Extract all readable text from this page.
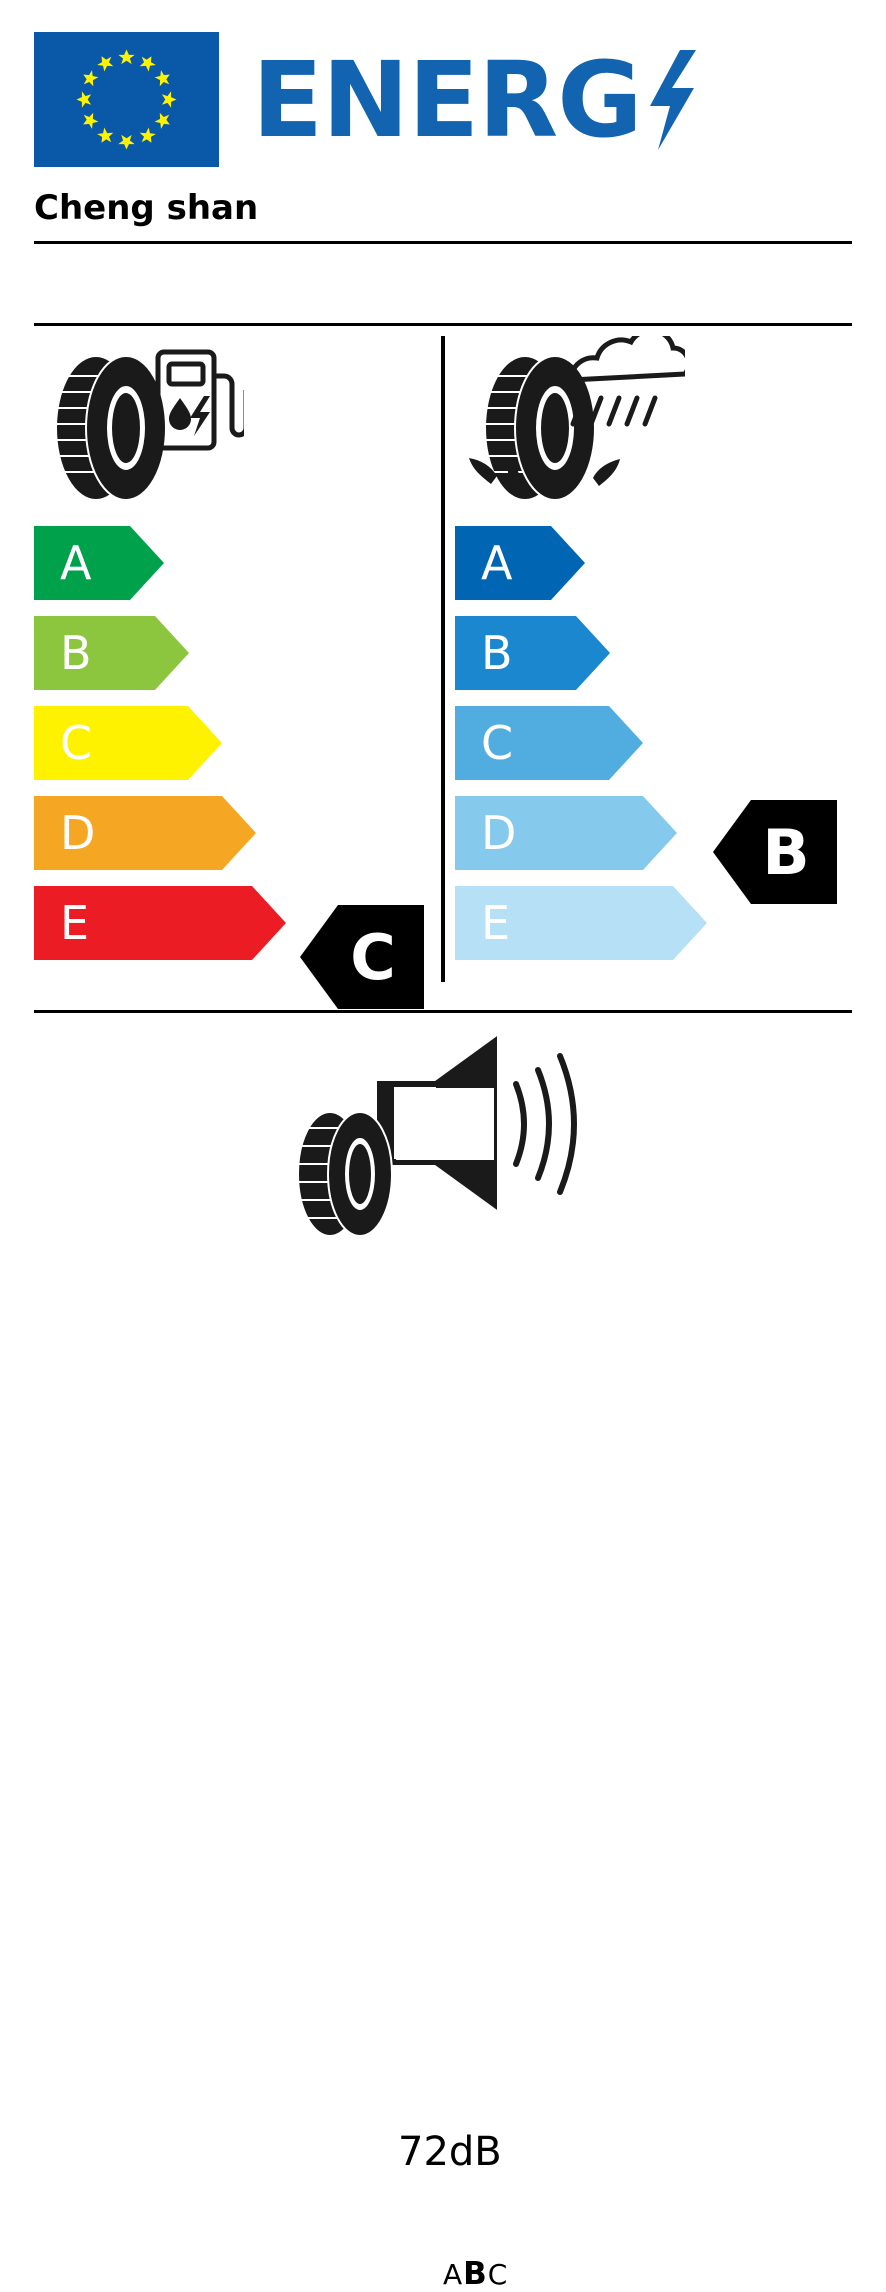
ENERG
Cheng shan
A
B
C
D
E	C
A
B
C
D
E
B
72dB
ABC
